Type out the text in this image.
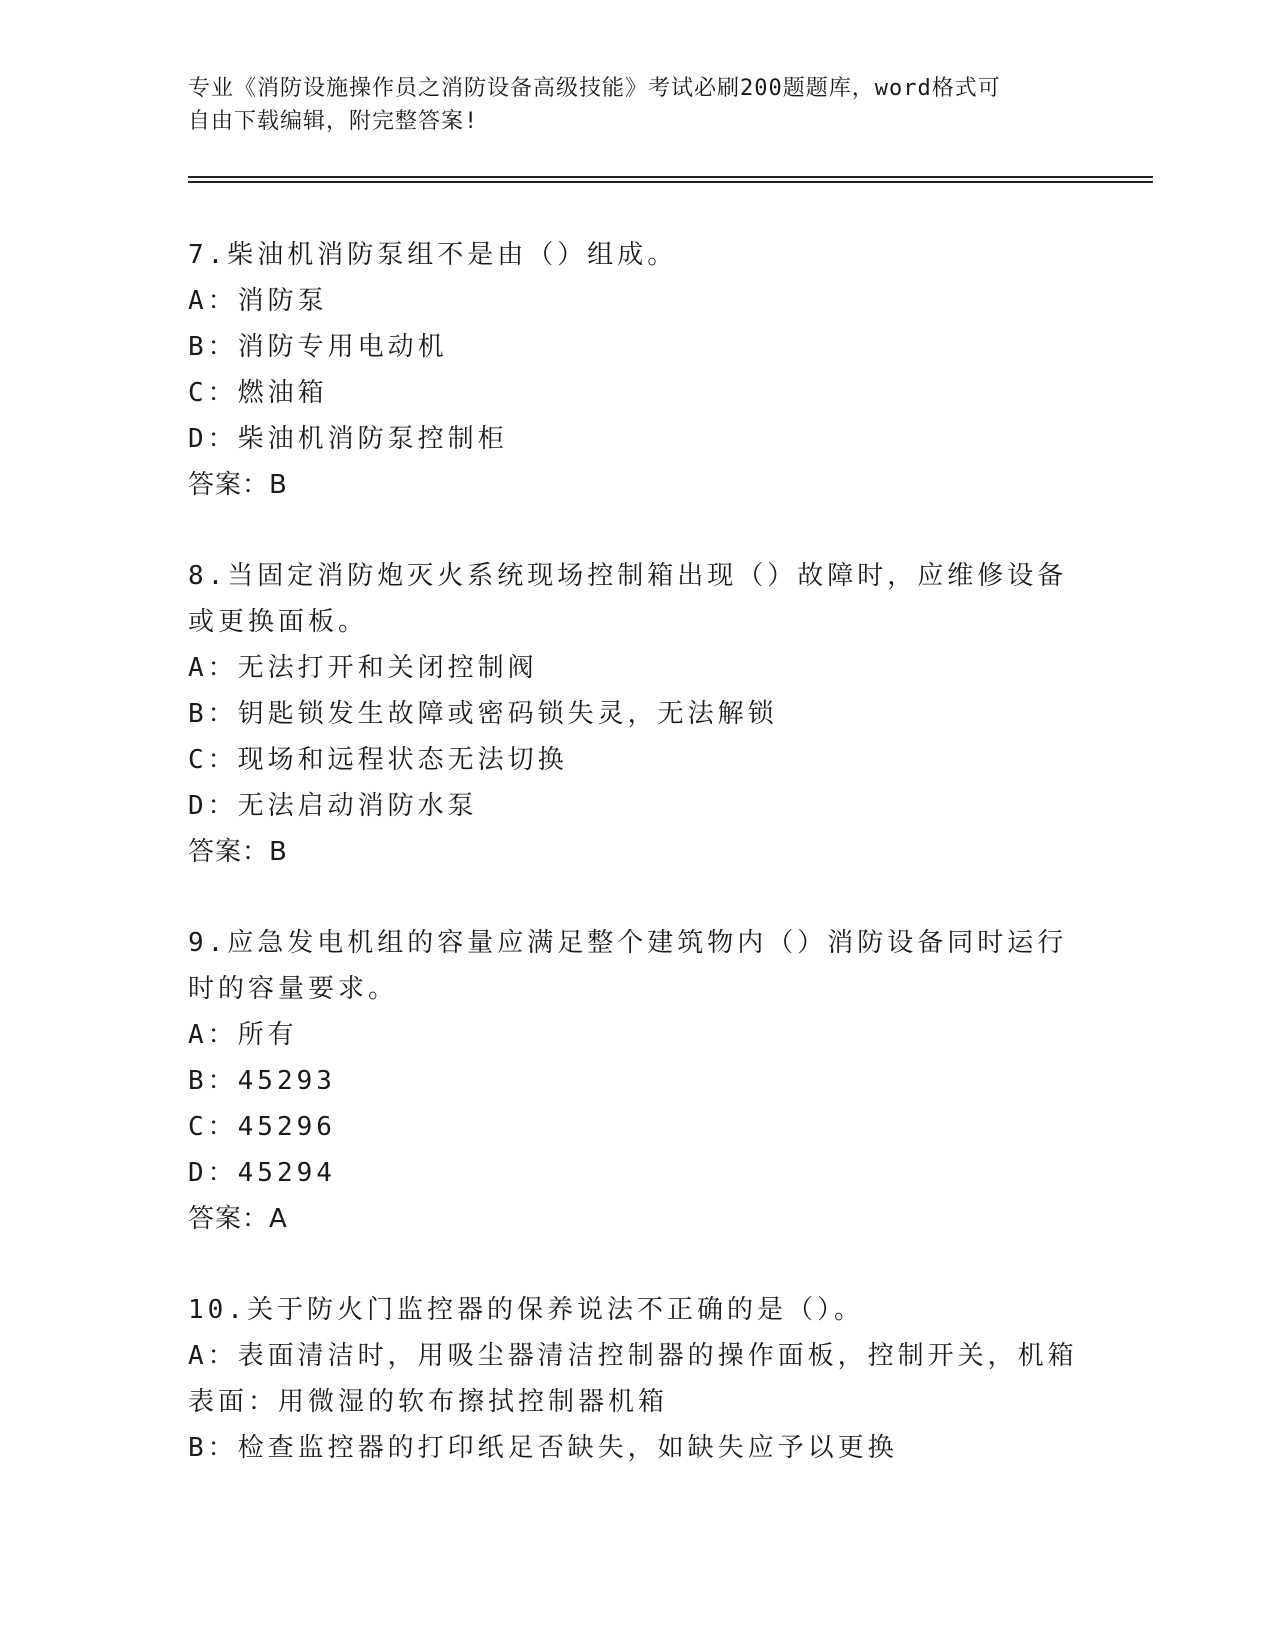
专业《消防设施操作员之消防设备高级技能》考试必刷200题题库，word格式可
自由下载编辑，附完整答案!
7.柴油机消防泵组不是由（）组成。
A：消防泵
B：消防专用电动机
C：燃油箱
D：柴油机消防泵控制柜
答案：B
8.当固定消防炮灭火系统现场控制箱出现（）故障时，应维修设备或更换面板。
A：无法打开和关闭控制阀
B：钥匙锁发生故障或密码锁失灵，无法解锁
C：现场和远程状态无法切换
D：无法启动消防水泵
答案：B
9.应急发电机组的容量应满足整个建筑物内（）消防设备同时运行时的容量要求。
A：所有
B：45293
C：45296
D：45294
答案：A
10.关于防火门监控器的保养说法不正确的是（）。
A：表面清洁时，用吸尘器清洁控制器的操作面板，控制开关，机箱表面：用微湿的软布擦拭控制器机箱
B：检查监控器的打印纸足否缺失，如缺失应予以更换
